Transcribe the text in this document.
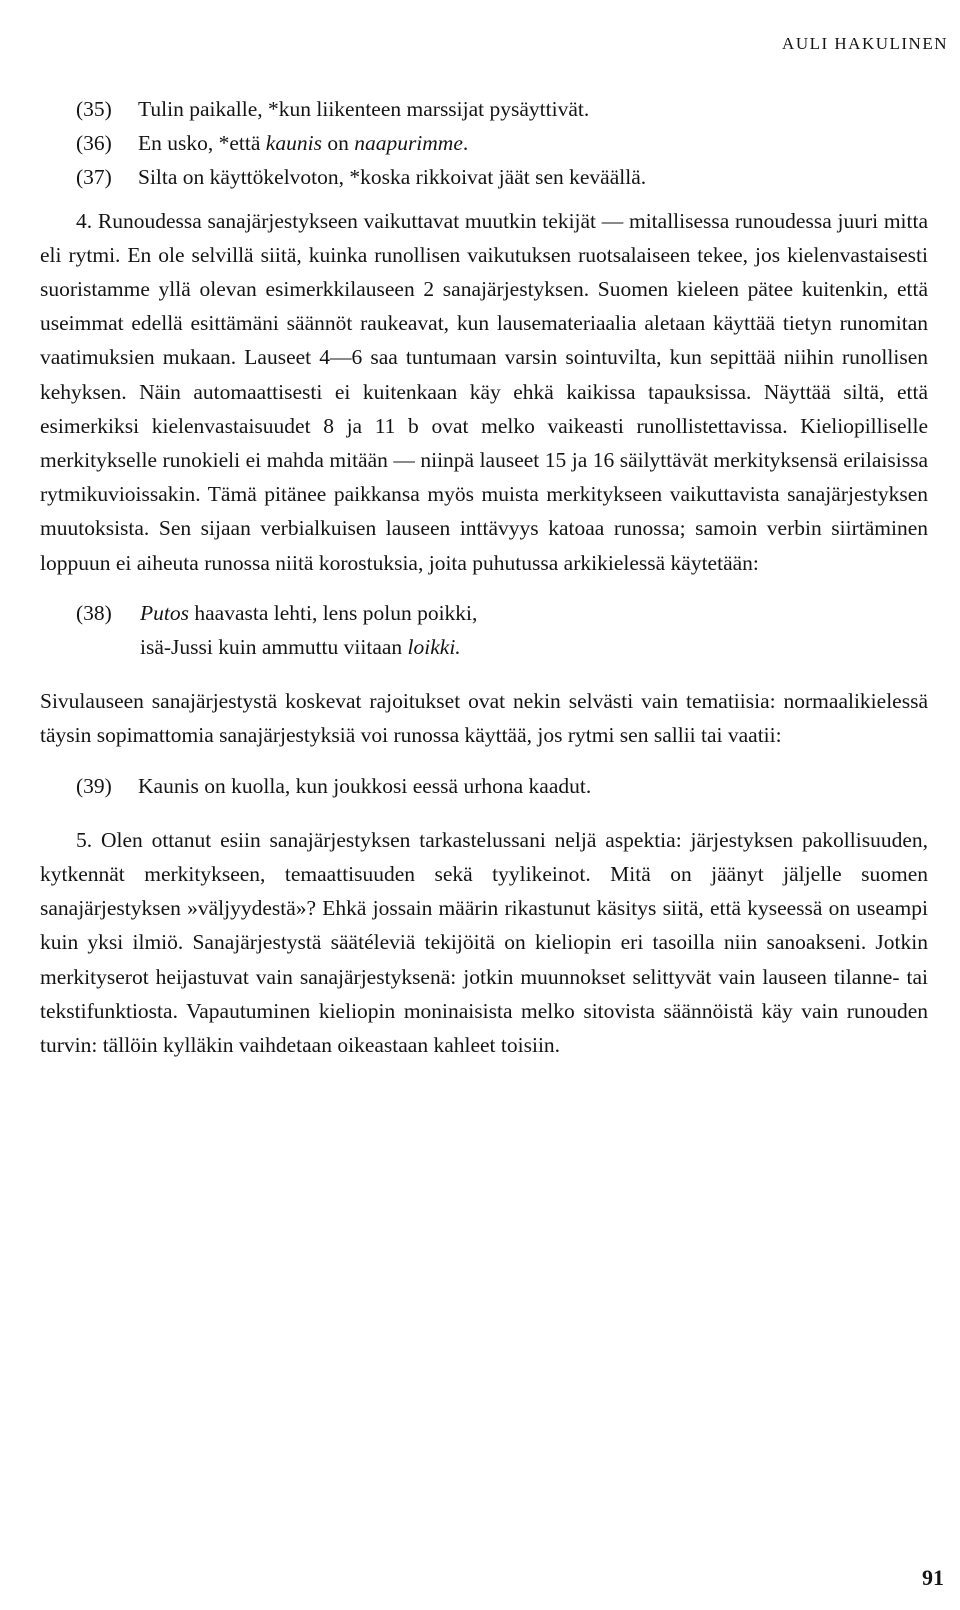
AULI HAKULINEN
(35)	Tulin paikalle, *kun liikenteen marssijat pysäyttivät.
(36)	En usko, *että kaunis on naapurimme.
(37)	Silta on käyttökelvoton, *koska rikkoivat jäät sen keväällä.

4. Runoudessa sanajärjestykseen vaikuttavat muutkin tekijät — mitallisessa runoudessa juuri mitta eli rytmi. En ole selvillä siitä, kuinka runollisen vaikutuksen ruotsalaiseen tekee, jos kielenvastaisesti suoristamme yllä olevan esimerkkilauseen 2 sanajärjestyksen. Suomen kieleen pätee kuitenkin, että useimmat edellä esittämäni säännöt raukeavat, kun lausemateriaalia aletaan käyttää tietyn runomitan vaatimuksien mukaan. Lauseet 4—6 saa tuntumaan varsin sointuvilta, kun sepittää niihin runollisen kehyksen. Näin automaattisesti ei kuitenkaan käy ehkä kaikissa tapauksissa. Näyttää siltä, että esimerkiksi kielenvastaisuudet 8 ja 11 b ovat melko vaikeasti runollistettavissa. Kieliopilliselle merkitykselle runokieli ei mahda mitään — niinpä lauseet 15 ja 16 säilyttävät merkityksensä erilaisissa rytmikuvioissakin. Tämä pitänee paikkansa myös muista merkitykseen vaikuttavista sanajärjestyksen muutoksista. Sen sijaan verbialkuisen lauseen inttävyys katoaa runossa; samoin verbin siirtäminen loppuun ei aiheuta runossa niitä korostuksia, joita puhutussa arkikielessä käytetään:

(38)	Putos haavasta lehti, lens polun poikki,
isä-Jussi kuin ammuttu viitaan loikki.

Sivulauseen sanajärjestystä koskevat rajoitukset ovat nekin selvästi vain tematiisia: normaalikielessä täysin sopimattomia sanajärjestyksiä voi runossa käyttää, jos rytmi sen sallii tai vaatii:

(39)	Kaunis on kuolla, kun joukkosi eessä urhona kaadut.

5. Olen ottanut esiin sanajärjestyksen tarkastelussani neljä aspektia: järjestyksen pakollisuuden, kytkennät merkitykseen, temaattisuuden sekä tyylikeinot. Mitä on jäänyt jäljelle suomen sanajärjestyksen »väljyydestä»? Ehkä jossain määrin rikastunut käsitys siitä, että kyseessä on useampi kuin yksi ilmiö. Sanajärjestystä säätéleviä tekijöitä on kieliopin eri tasoilla niin sanoakseni. Jotkin merkityserot heijastuvat vain sanajärjestyksenä: jotkin muunnokset selittyvät vain lauseen tilanne- tai tekstifunktiosta. Vapautuminen kieliopin moninaisista melko sitovista säännöistä käy vain runouden turvin: tällöin kylläkin vaihdetaan oikeastaan kahleet toisiin.

91
